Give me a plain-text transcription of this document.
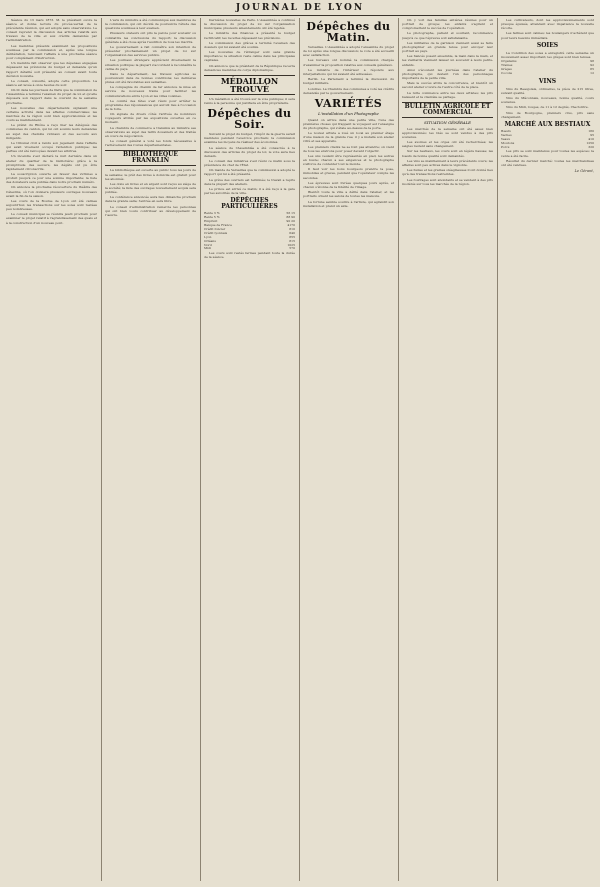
JOURNAL DE LYON

Séance du 13 mars 1873. M. le président ouvre la séance et donne lecture du procès-verbal de la précédente réunion, qui est adopté sans observations. Le conseil reprend la discussion des articles relatifs aux travaux de la ville et aux crédits demandés par l'administration.

Les membres présents examinent les propositions soumises par la commission et, après une longue délibération, renvoient l'affaire à une prochaine séance pour complément d'instruction.

Un membre fait observer que les dépenses engagées dépassent les prévisions du budget et demande qu'un rapport détaillé soit présenté au conseil avant toute décision nouvelle.

Le conseil, consulté, adopte cette proposition. La séance est levée à onze heures du soir.

On lit dans les journaux de Paris que la commission de l'Assemblée a terminé l'examen du projet de loi et qu'elle déposera son rapport dans le courant de la semaine prochaine.

Les nouvelles des départements signalent une certaine activité dans les affaires commerciales; les marchés de la région sont bien approvisionnés et les cours se maintiennent.

Le préfet du Rhône a reçu hier les délégués des communes du canton, qui lui ont soumis leurs demandes au sujet des chemins vicinaux et des secours aux indigents.

Le tribunal civil a rendu son jugement dans l'affaire qui avait vivement occupé l'attention publique; les parties ont été renvoyées devant les arbitres.

Un incendie s'est déclaré la nuit dernière dans un atelier du quartier de la Guillotière; grâce à la promptitude des secours, les dégâts ont pu être rapidement circonscrits.

La souscription ouverte en faveur des victimes a produit jusqu'à ce jour une somme importante; la liste des donateurs sera publiée dans notre prochain numéro.

On annonce la prochaine réouverture du théâtre des Célestins, où l'on donnera plusieurs ouvrages nouveaux avant la fin de la saison.

Les cours de la Bourse de Lyon ont été calmes aujourd'hui; les transactions sur les soies sont restées peu nombreuses.

Le conseil municipal se réunira jeudi prochain pour examiner le projet relatif à l'agrandissement des quais et à la construction d'un nouveau pont.

L'avis du ministre a été communiqué aux membres de la commission, qui ont décidé de poursuivre l'étude des questions soumises à leur examen.

Plusieurs orateurs ont pris la parole pour soutenir ou combattre les conclusions du rapport; la discussion générale a été close après l'audition de tous les inscrits.

Le gouvernement a fait connaître son intention de présenter prochainement un projet de loi sur l'organisation des services publics.

Les journaux étrangers apprécient diversement la situation politique; la plupart s'accordent à reconnaître le calme du pays.

Dans le département, les travaux agricoles se poursuivent dans de bonnes conditions; les dernières pluies ont été favorables aux semailles.

La compagnie du chemin de fer annonce la mise en service de nouveaux trains pour faciliter les communications entre Lyon et les villes voisines.

Le comité des fêtes s'est réuni pour arrêter le programme des réjouissances qui auront lieu à l'occasion de la foire.

On signale de divers côtés l'arrivée de nombreux voyageurs attirés par les expositions ouvertes en ce moment.

La chambre de commerce a transmis au ministre ses observations au sujet des tarifs douaniers et des traités en cours de négociation.

Le conseil général a voté les fonds nécessaires à l'achèvement des routes départementales.

BIBLIOTHÈQUE FRANKLIN

La bibliothèque est ouverte au public tous les jours de la semaine; le prêt des livres à domicile est gratuit pour les abonnés.

Les dons en livres et en argent sont reçus au siège de la société; la liste des ouvrages nouvellement acquis sera publiée.

La conférence annoncée aura lieu dimanche prochain dans la grande salle; l'entrée en sera libre.

Le conseil d'administration remercie les personnes qui ont bien voulu contribuer au développement de l'œuvre.

Dernières nouvelles de Paris. L'Assemblée a continué la discussion du projet de loi sur l'organisation municipale; plusieurs amendements ont été rejetés.

Le ministre des finances a présenté le budget rectificatif; les recettes dépassent les prévisions.

La commission des grâces a terminé l'examen des dossiers qui lui avaient été soumis.

Les nouvelles de l'étranger sont sans grande importance; la situation reste calme dans les principales capitales.

On annonce que le président de la République recevra demain les membres du corps diplomatique.

MÉDAILLON TROUVÉ

Un médaillon a été trouvé sur la voie publique; il sera remis à la personne qui justifiera en être propriétaire.

Dépêches du Soir.

Suivant le projet du budget, l'impôt de la guerre serait maintenu pendant l'exercice prochain; la commission examine les moyens de réaliser des économies.

La séance de l'Assemblée a été consacrée à la discussion des articles du projet de loi; le vote aura lieu demain.

Le conseil des ministres s'est réuni ce matin sous la présidence du chef de l'État.

On mande de Versailles que la commission a adopté le rapport qui lui a été présenté.

La grève des ouvriers est terminée; le travail a repris dans la plupart des ateliers.

Le prince est arrivé ce matin; il a été reçu à la gare par les autorités de la ville.

DÉPÊCHES PARTICULIÈRES
Rente 3 %	56 15
Rente 5 %	88 90
Emprunt	90 20
Banque de France	4170
Crédit foncier	810
Crédit lyonnais	640
Lyon	855
Orléans	815
Nord	1025
Midi	570

Les cours sont restés fermes pendant toute la durée de la séance.

Dépêches du Matin.

Versailles. L'Assemblée a adopté l'ensemble du projet de loi après une longue discussion; le vote a été accueilli avec satisfaction.

Les bureaux ont nommé la commission chargée d'examiner la proposition relative aux conseils généraux.

Le ministre de l'intérieur a répondu aux interpellations qui lui avaient été adressées.

Berlin. Le Parlement a terminé la discussion du budget militaire.

Londres. La Chambre des communes a voté les crédits demandés par le gouvernement.

VARIÉTÉS
L'installation d'un Photographe

Quand on arrive dans une petite ville, l'une des premières choses qui frappent le voyageur est l'enseigne du photographe, qui s'étale au-dessus de la porte.

Le nouvel artiste a loué un local au premier étage d'une maison de la grande rue; il y a installé son atelier vitré et ses appareils.

Les premiers clients ne se font pas attendre; on vient de tous les environs pour poser devant l'objectif.

Les uns veulent être représentés en pied, les autres en buste; chacun a ses exigences et le photographe s'efforce de contenter tout le monde.

Il faut voir les bons bourgeois prendre la pose, immobiles et graves, pendant que l'opérateur compte les secondes.

Les épreuves sont livrées quelques jours après, et chacun s'étonne de la fidélité de l'image.

Bientôt toute la ville a défilé dans l'atelier, et les portraits ornent les salons de toutes les maisons.

La fortune semble sourire à l'artiste, qui agrandit son installation et prend un aide.

On y voit des familles entières réunies pour un portrait de groupe; les enfants s'agitent et compromettent le succès de l'opération.

Le photographe, patient et souriant, recommence jusqu'à ce que l'épreuve soit satisfaisante.

Les militaires de la garnison viennent aussi se faire photographier en grande tenue pour envoyer leur portrait au pays.

Les fiancés posent ensemble, la main dans la main, et les vieillards viennent laisser un souvenir à leurs petits-enfants.

Ainsi s'écoulent les journées dans l'atelier du photographe, qui devient l'un des personnages importants de la petite ville.

Mais le succès attire la concurrence, et bientôt un second atelier s'ouvre de l'autre côté de la place.

La lutte commence entre les deux artistes; les prix baissent et la clientèle se partage.

BULLETIN AGRICOLE ET COMMERCIAL
SITUATION GÉNÉRALE

Les marchés de la semaine ont été assez bien approvisionnés; les blés se sont vendus à des prix soutenus.

Les avoines et les orges ont été recherchées; les seigles restent sans changement.

Sur les bestiaux, les cours sont en légère hausse; les bœufs de bonne qualité sont demandés.

Les vins se maintiennent à leurs précédents cours; les affaires sont peu actives dans le vignoble.

Les huiles et les graines oléagineuses n'ont donné lieu qu'à des transactions restreintes.

Les fourrages sont abondants et se vendent à des prix modérés sur tous les marchés de la région.

Les cultivateurs, dont les approvisionnements sont presque épuisés, attendent avec impatience la nouvelle récolte.

Les farines sont calmes; les boulangers n'achètent que pour leurs besoins immédiats.

SOIES

La Condition des soies a enregistré cette semaine un mouvement assez important; les grèges sont bien tenues.

Organsins	98
Trames	92
Grèges	85
Cocons	12
VINS

Vins du Beaujolais, ordinaires, la pièce de 215 litres, suivant qualité.

Vins du Mâconnais, nouveaux, bonne qualité, cours soutenus.

Vins du Midi, rouges, de 11 à 12 degrés, l'hectolitre.

Vins de Bourgogne, premiers crus, prix sans changement.

MARCHÉ AUX BESTIAUX
Bœufs	180
Vaches	95
Veaux	410
Moutons	1250
Porcs	320

Les prix se sont maintenus pour toutes les espèces; la vente a été facile.

Résultat du dernier marché: toutes les marchandises ont été vendues.

Le Gérant,
